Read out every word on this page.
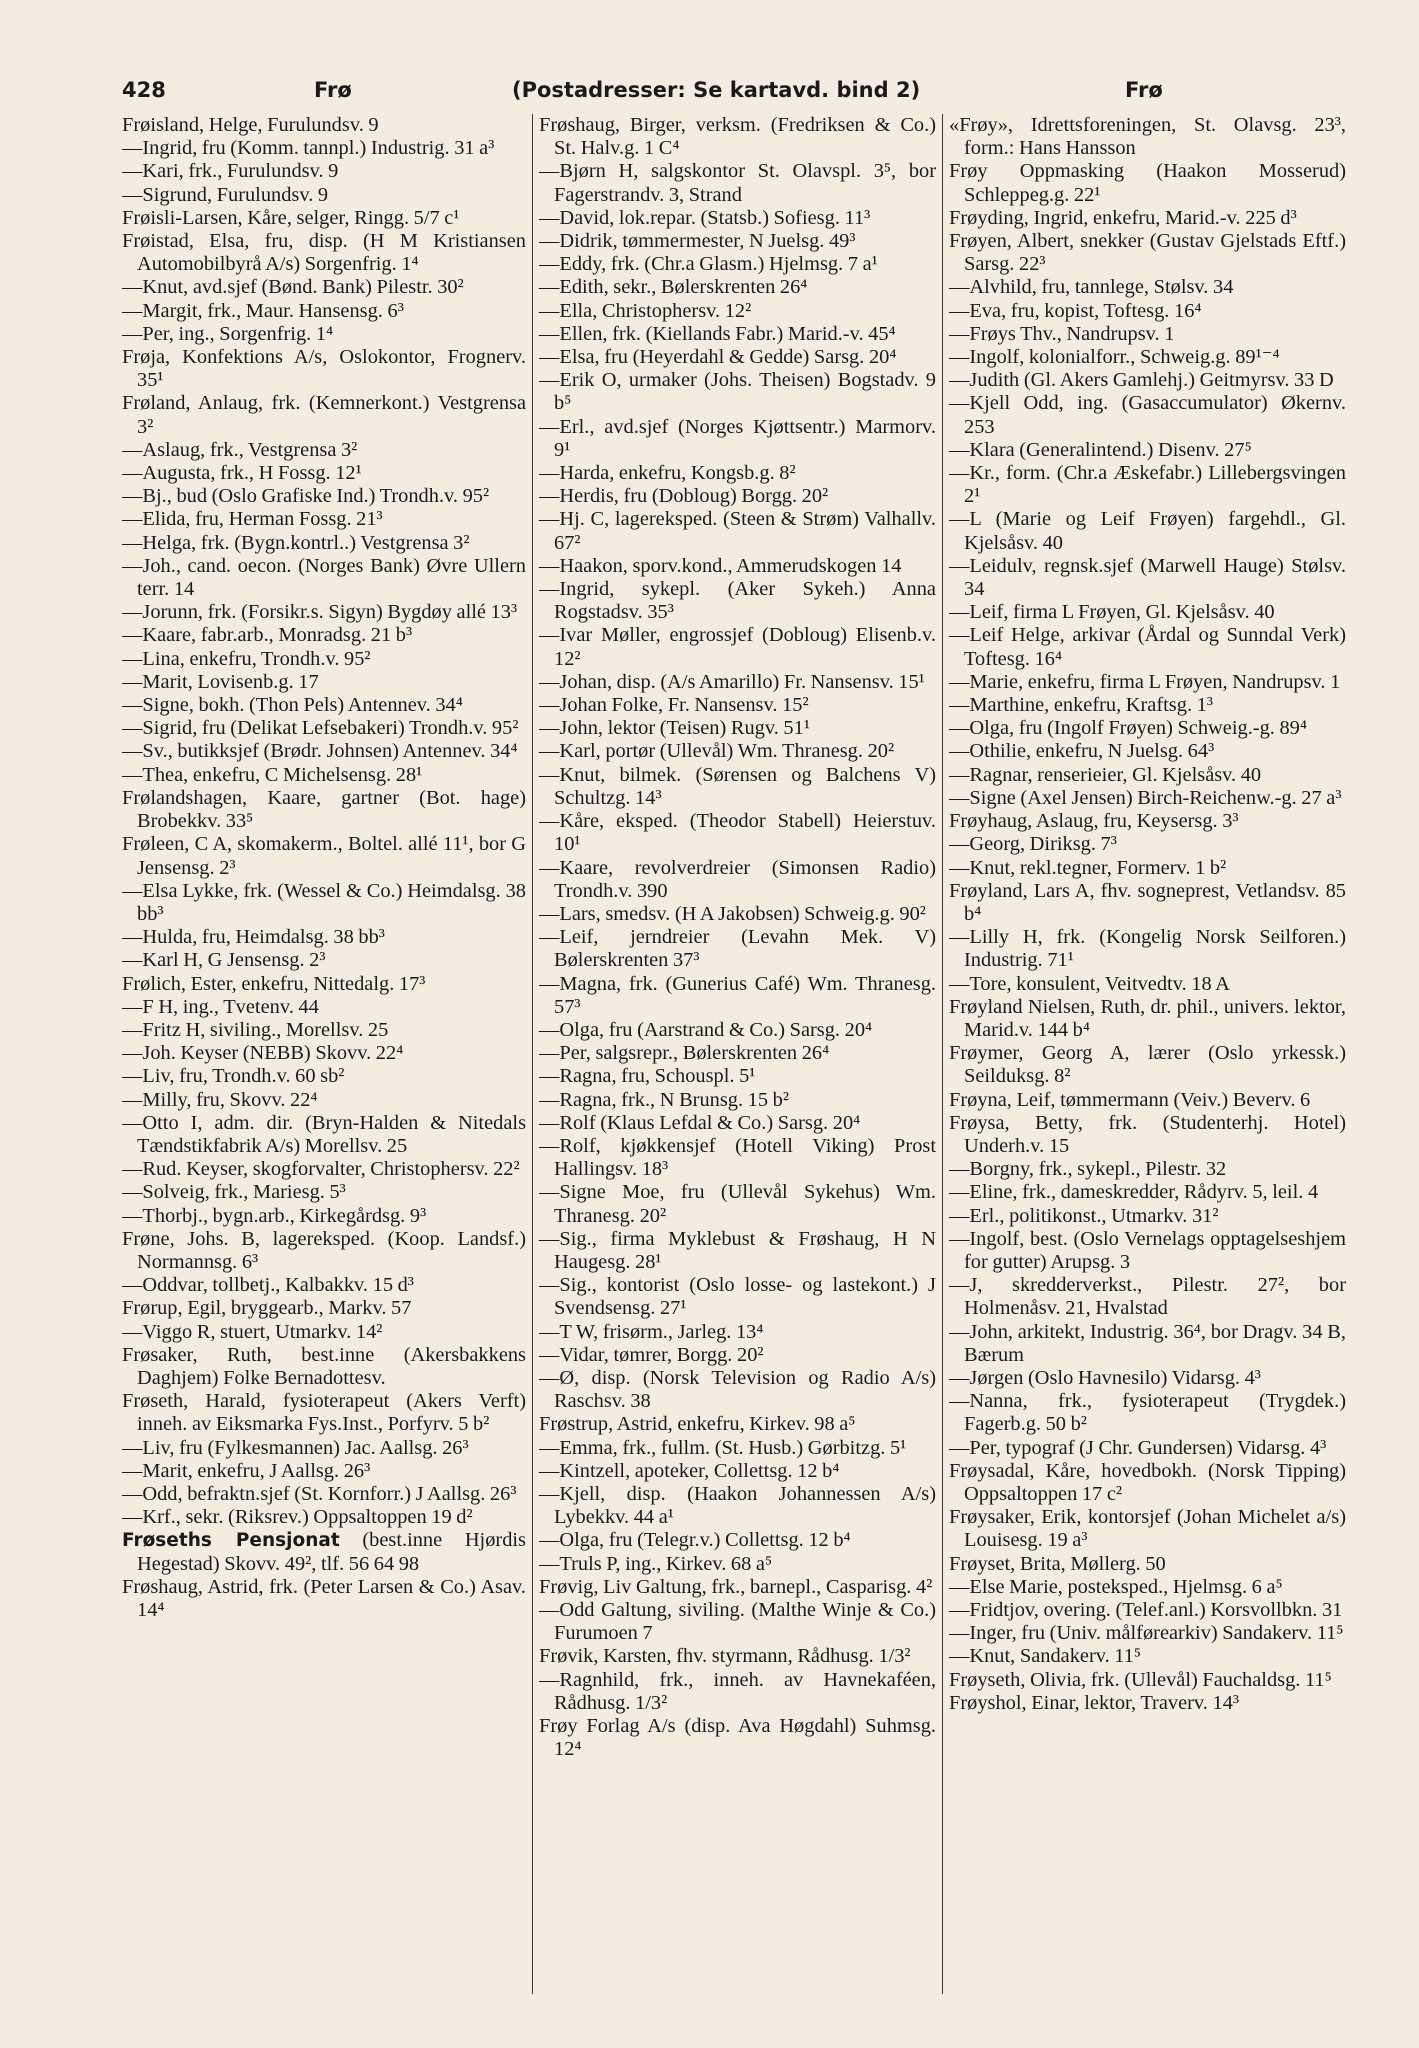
428	Frø	(Postadresser: Se kartavd. bind 2)	Frø

Frøisland, Helge, Furulundsv. 9

—Ingrid, fru (Komm. tannpl.) Industrig. 31 a³

—Kari, frk., Furulundsv. 9

—Sigrund, Furulundsv. 9

Frøisli-Larsen, Kåre, selger, Ringg. 5/7 c¹

Frøistad, Elsa, fru, disp. (H M Kristiansen Automobilbyrå A/s) Sorgenfrig. 1⁴

—Knut, avd.sjef (Bønd. Bank) Pilestr. 30²

—Margit, frk., Maur. Hansensg. 6³

—Per, ing., Sorgenfrig. 1⁴

Frøja, Konfektions A/s, Oslokontor, Frognerv. 35¹

Frøland, Anlaug, frk. (Kemnerkont.) Vestgrensa 3²

—Aslaug, frk., Vestgrensa 3²

—Augusta, frk., H Fossg. 12¹

—Bj., bud (Oslo Grafiske Ind.) Trondh.v. 95²

—Elida, fru, Herman Fossg. 21³

—Helga, frk. (Bygn.kontrl..) Vestgrensa 3²

—Joh., cand. oecon. (Norges Bank) Øvre Ullern terr. 14

—Jorunn, frk. (Forsikr.s. Sigyn) Bygdøy allé 13³

—Kaare, fabr.arb., Monradsg. 21 b³

—Lina, enkefru, Trondh.v. 95²

—Marit, Lovisenb.g. 17

—Signe, bokh. (Thon Pels) Antennev. 34⁴

—Sigrid, fru (Delikat Lefsebakeri) Trondh.v. 95²

—Sv., butikksjef (Brødr. Johnsen) Antennev. 34⁴

—Thea, enkefru, C Michelsensg. 28¹

Frølandshagen, Kaare, gartner (Bot. hage) Brobekkv. 33⁵

Frøleen, C A, skomakerm., Boltel. allé 11¹, bor G Jensensg. 2³

—Elsa Lykke, frk. (Wessel & Co.) Heimdalsg. 38 bb³

—Hulda, fru, Heimdalsg. 38 bb³

—Karl H, G Jensensg. 2³

Frølich, Ester, enkefru, Nittedalg. 17³

—F H, ing., Tvetenv. 44

—Fritz H, siviling., Morellsv. 25

—Joh. Keyser (NEBB) Skovv. 22⁴

—Liv, fru, Trondh.v. 60 sb²

—Milly, fru, Skovv. 22⁴

—Otto I, adm. dir. (Bryn-Halden & Nitedals Tændstikfabrik A/s) Morellsv. 25

—Rud. Keyser, skogforvalter, Christophersv. 22²

—Solveig, frk., Mariesg. 5³

—Thorbj., bygn.arb., Kirkegårdsg. 9³

Frøne, Johs. B, lagereksped. (Koop. Landsf.) Normannsg. 6³

—Oddvar, tollbetj., Kalbakkv. 15 d³

Frørup, Egil, bryggearb., Markv. 57

—Viggo R, stuert, Utmarkv. 14²

Frøsaker, Ruth, best.inne (Akersbakkens Daghjem) Folke Bernadottesv.

Frøseth, Harald, fysioterapeut (Akers Verft) inneh. av Eiksmarka Fys.Inst., Porfyrv. 5 b²

—Liv, fru (Fylkesmannen) Jac. Aallsg. 26³

—Marit, enkefru, J Aallsg. 26³

—Odd, befraktn.sjef (St. Kornforr.) J Aallsg. 26³

—Krf., sekr. (Riksrev.) Oppsaltoppen 19 d²

Frøseths Pensjonat (best.inne Hjørdis Hegestad) Skovv. 49², tlf. 56 64 98

Frøshaug, Astrid, frk. (Peter Larsen & Co.) Asav. 14⁴

Frøshaug, Birger, verksm. (Fredriksen & Co.) St. Halv.g. 1 C⁴

—Bjørn H, salgskontor St. Olavspl. 3⁵, bor Fagerstrandv. 3, Strand

—David, lok.repar. (Statsb.) Sofiesg. 11³

—Didrik, tømmermester, N Juelsg. 49³

—Eddy, frk. (Chr.a Glasm.) Hjelmsg. 7 a¹

—Edith, sekr., Bølerskrenten 26⁴

—Ella, Christophersv. 12²

—Ellen, frk. (Kiellands Fabr.) Marid.-v. 45⁴

—Elsa, fru (Heyerdahl & Gedde) Sarsg. 20⁴

—Erik O, urmaker (Johs. Theisen) Bogstadv. 9 b⁵

—Erl., avd.sjef (Norges Kjøttsentr.) Marmorv. 9¹

—Harda, enkefru, Kongsb.g. 8²

—Herdis, fru (Dobloug) Borgg. 20²

—Hj. C, lagereksped. (Steen & Strøm) Valhallv. 67²

—Haakon, sporv.kond., Ammerudskogen 14

—Ingrid, sykepl. (Aker Sykeh.) Anna Rogstadsv. 35³

—Ivar Møller, engrossjef (Dobloug) Elisenb.v. 12²

—Johan, disp. (A/s Amarillo) Fr. Nansensv. 15¹

—Johan Folke, Fr. Nansensv. 15²

—John, lektor (Teisen) Rugv. 51¹

—Karl, portør (Ullevål) Wm. Thranesg. 20²

—Knut, bilmek. (Sørensen og Balchens V) Schultzg. 14³

—Kåre, eksped. (Theodor Stabell) Heierstuv. 10¹

—Kaare, revolverdreier (Simonsen Radio) Trondh.v. 390

—Lars, smedsv. (H A Jakobsen) Schweig.g. 90²

—Leif, jerndreier (Levahn Mek. V) Bølerskrenten 37³

—Magna, frk. (Gunerius Café) Wm. Thranesg. 57³

—Olga, fru (Aarstrand & Co.) Sarsg. 20⁴

—Per, salgsrepr., Bølerskrenten 26⁴

—Ragna, fru, Schouspl. 5¹

—Ragna, frk., N Brunsg. 15 b²

—Rolf (Klaus Lefdal & Co.) Sarsg. 20⁴

—Rolf, kjøkkensjef (Hotell Viking) Prost Hallingsv. 18³

—Signe Moe, fru (Ullevål Sykehus) Wm. Thranesg. 20²

—Sig., firma Myklebust & Frøshaug, H N Haugesg. 28¹

—Sig., kontorist (Oslo losse- og lastekont.) J Svendsensg. 27¹

—T W, frisørm., Jarleg. 13⁴

—Vidar, tømrer, Borgg. 20²

—Ø, disp. (Norsk Television og Radio A/s) Raschsv. 38

Frøstrup, Astrid, enkefru, Kirkev. 98 a⁵

—Emma, frk., fullm. (St. Husb.) Gørbitzg. 5¹

—Kintzell, apoteker, Collettsg. 12 b⁴

—Kjell, disp. (Haakon Johannessen A/s) Lybekkv. 44 a¹

—Olga, fru (Telegr.v.) Collettsg. 12 b⁴

—Truls P, ing., Kirkev. 68 a⁵

Frøvig, Liv Galtung, frk., barnepl., Casparisg. 4²

—Odd Galtung, siviling. (Malthe Winje & Co.) Furumoen 7

Frøvik, Karsten, fhv. styrmann, Rådhusg. 1/3²

—Ragnhild, frk., inneh. av Havnekaféen, Rådhusg. 1/3²

Frøy Forlag A/s (disp. Ava Høgdahl) Suhmsg. 12⁴

«Frøy», Idrettsforeningen, St. Olavsg. 23³, form.: Hans Hansson

Frøy Oppmasking (Haakon Mosserud) Schleppeg.g. 22¹

Frøyding, Ingrid, enkefru, Marid.-v. 225 d³

Frøyen, Albert, snekker (Gustav Gjelstads Eftf.) Sarsg. 22³

—Alvhild, fru, tannlege, Stølsv. 34

—Eva, fru, kopist, Toftesg. 16⁴

—Frøys Thv., Nandrupsv. 1

—Ingolf, kolonialforr., Schweig.g. 89¹⁻⁴

—Judith (Gl. Akers Gamlehj.) Geitmyrsv. 33 D

—Kjell Odd, ing. (Gasaccumulator) Økernv. 253

—Klara (Generalintend.) Disenv. 27⁵

—Kr., form. (Chr.a Æskefabr.) Lillebergsvingen 2¹

—L (Marie og Leif Frøyen) fargehdl., Gl. Kjelsåsv. 40

—Leidulv, regnsk.sjef (Marwell Hauge) Stølsv. 34

—Leif, firma L Frøyen, Gl. Kjelsåsv. 40

—Leif Helge, arkivar (Årdal og Sunndal Verk) Toftesg. 16⁴

—Marie, enkefru, firma L Frøyen, Nandrupsv. 1

—Marthine, enkefru, Kraftsg. 1³

—Olga, fru (Ingolf Frøyen) Schweig.-g. 89⁴

—Othilie, enkefru, N Juelsg. 64³

—Ragnar, renserieier, Gl. Kjelsåsv. 40

—Signe (Axel Jensen) Birch-Reichenw.-g. 27 a³

Frøyhaug, Aslaug, fru, Keysersg. 3³

—Georg, Diriksg. 7³

—Knut, rekl.tegner, Formerv. 1 b²

Frøyland, Lars A, fhv. sogneprest, Vetlandsv. 85 b⁴

—Lilly H, frk. (Kongelig Norsk Seilforen.) Industrig. 71¹

—Tore, konsulent, Veitvedtv. 18 A

Frøyland Nielsen, Ruth, dr. phil., univers. lektor, Marid.v. 144 b⁴

Frøymer, Georg A, lærer (Oslo yrkessk.) Seilduksg. 8²

Frøyna, Leif, tømmermann (Veiv.) Beverv. 6

Frøysa, Betty, frk. (Studenterhj. Hotel) Underh.v. 15

—Borgny, frk., sykepl., Pilestr. 32

—Eline, frk., dameskredder, Rådyrv. 5, leil. 4

—Erl., politikonst., Utmarkv. 31²

—Ingolf, best. (Oslo Vernelags opptagelseshjem for gutter) Arupsg. 3

—J, skredderverkst., Pilestr. 27², bor Holmenåsv. 21, Hvalstad

—John, arkitekt, Industrig. 36⁴, bor Dragv. 34 B, Bærum

—Jørgen (Oslo Havnesilo) Vidarsg. 4³

—Nanna, frk., fysioterapeut (Trygdek.) Fagerb.g. 50 b²

—Per, typograf (J Chr. Gundersen) Vidarsg. 4³

Frøysadal, Kåre, hovedbokh. (Norsk Tipping) Oppsaltoppen 17 c²

Frøysaker, Erik, kontorsjef (Johan Michelet a/s) Louisesg. 19 a³

Frøyset, Brita, Møllerg. 50

—Else Marie, posteksped., Hjelmsg. 6 a⁵

—Fridtjov, overing. (Telef.anl.) Korsvollbkn. 31

—Inger, fru (Univ. målførearkiv) Sandakerv. 11⁵

—Knut, Sandakerv. 11⁵

Frøyseth, Olivia, frk. (Ullevål) Fauchaldsg. 11⁵

Frøyshol, Einar, lektor, Traverv. 14³
